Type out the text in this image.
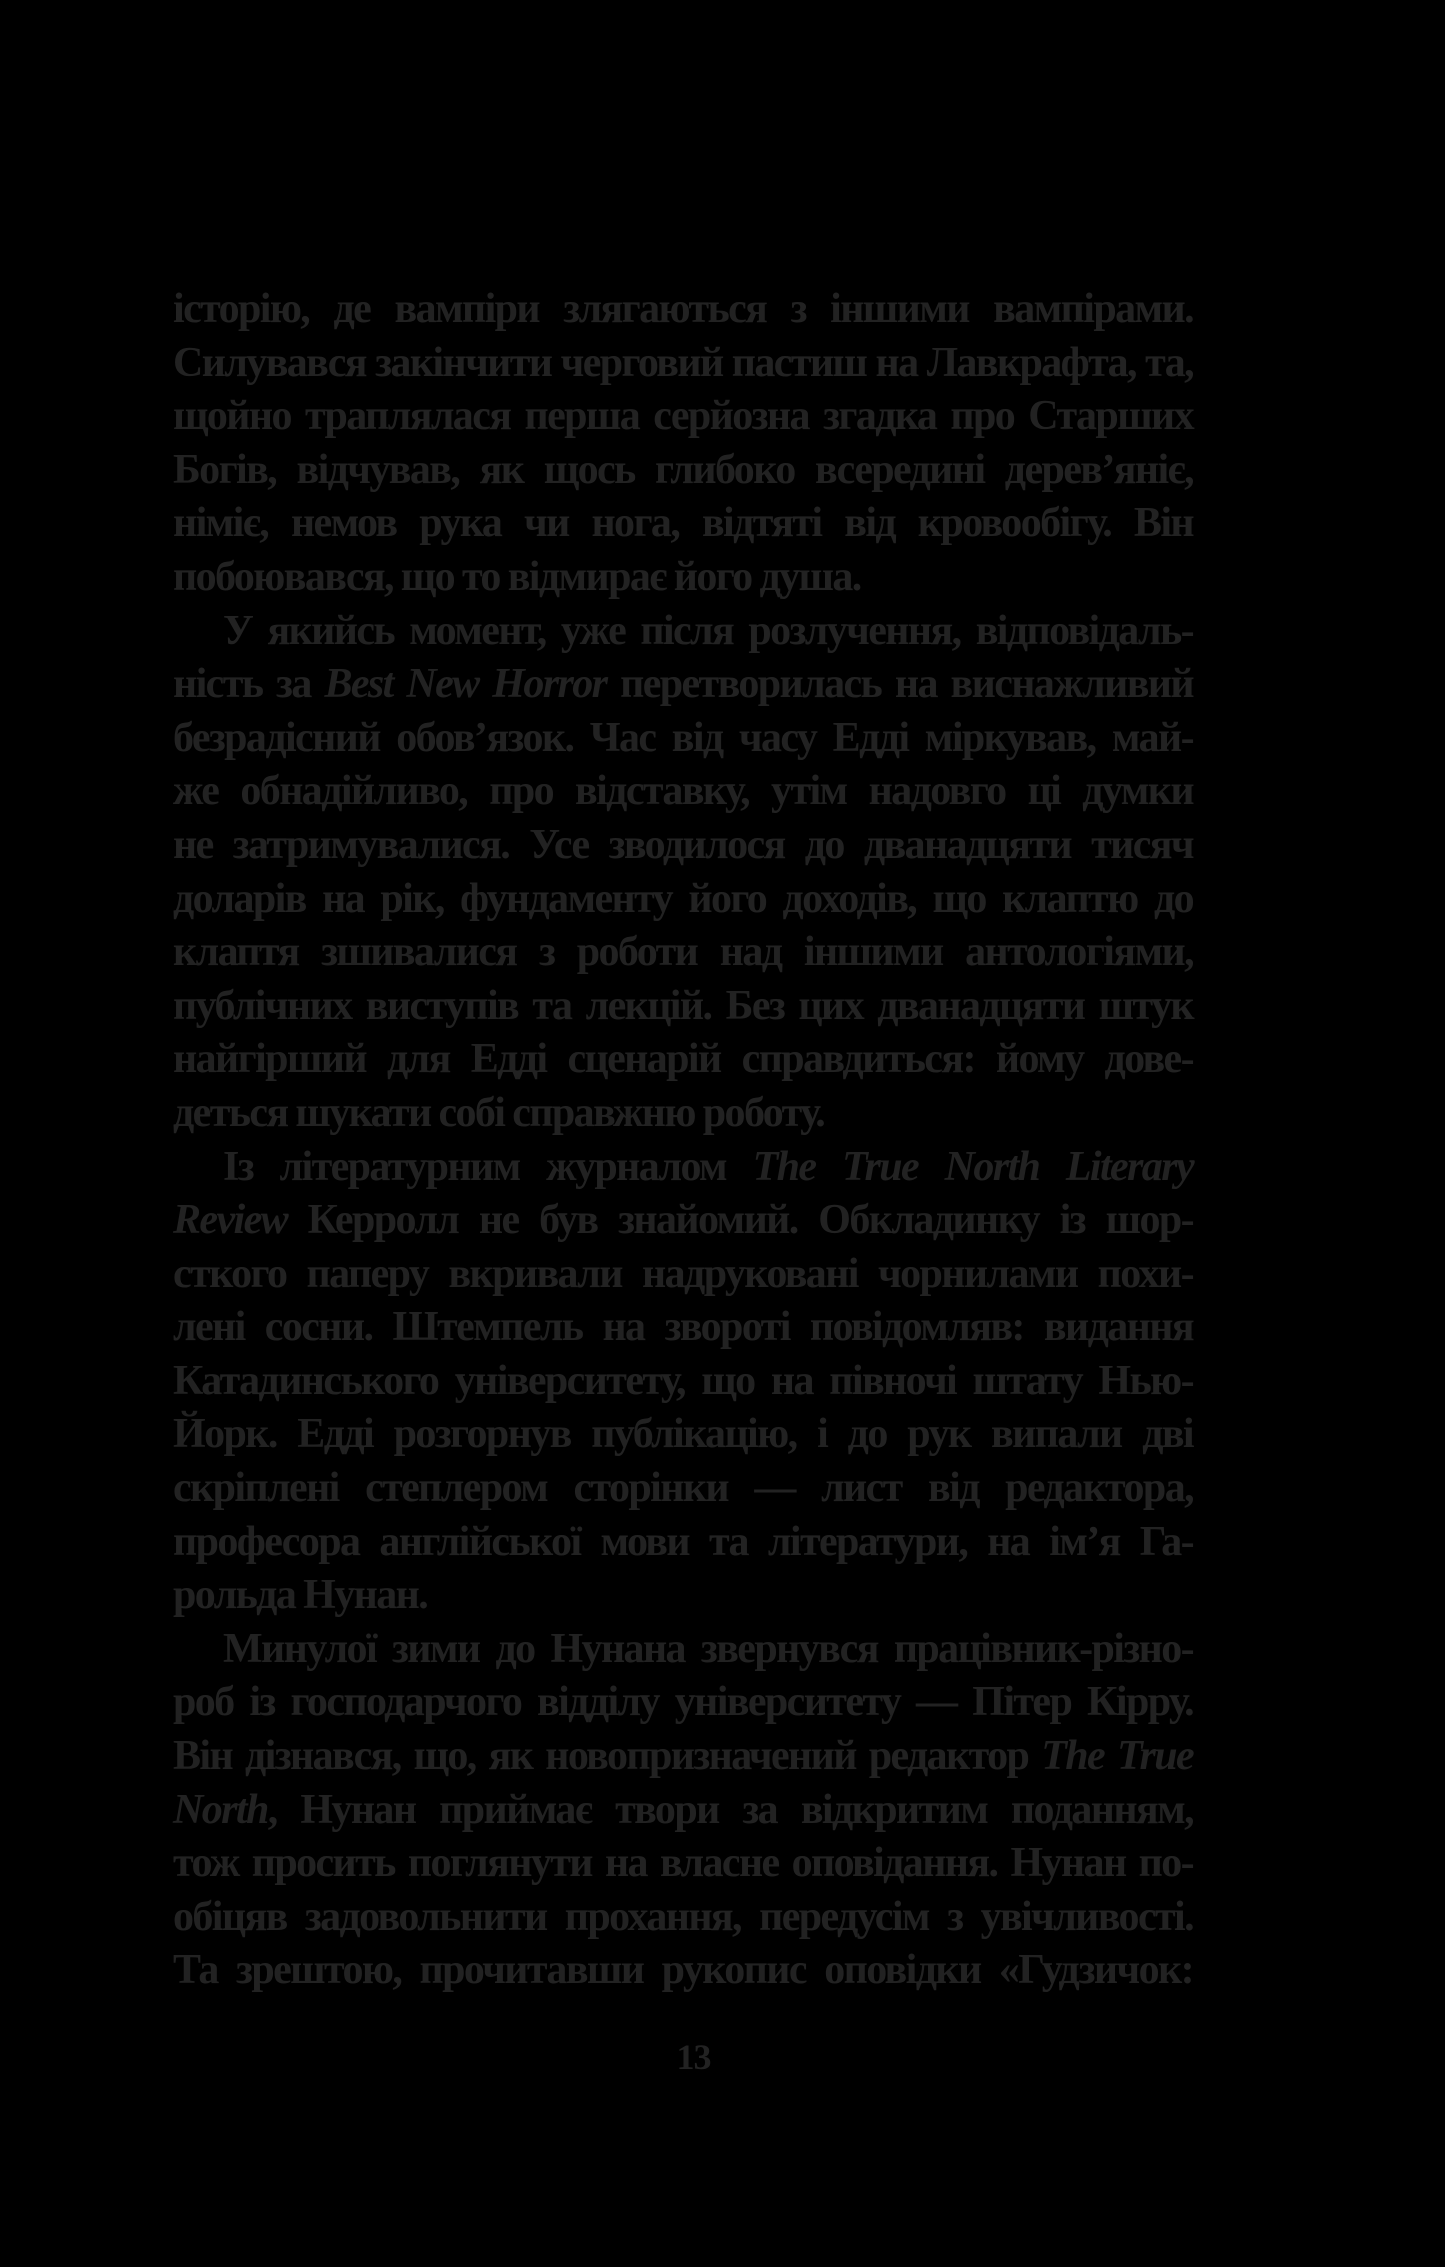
історію, де вампіри злягаються з іншими вампірами.
Силувався закінчити черговий пастиш на Лавкрафта, та,
щойно траплялася перша серйозна згадка про Старших
Богів, відчував, як щось глибоко всередині дерев’яніє,
німіє, немов рука чи нога, відтяті від кровообігу. Він
побоювався, що то відмирає його душа.
У якийсь момент, уже після розлучення, відповідаль-
ність за Best New Horror перетворилась на виснажливий
безрадісний обов’язок. Час від часу Едді міркував, май-
же обнадійливо, про відставку, утім надовго ці думки
не затримувалися. Усе зводилося до дванадцяти тисяч
доларів на рік, фундаменту його доходів, що клаптю до
клаптя зшивалися з роботи над іншими антологіями,
публічних виступів та лекцій. Без цих дванадцяти штук
найгірший для Едді сценарій справдиться: йому дове-
деться шукати собі справжню роботу.
Із літературним журналом The True North Literary
Review Керролл не був знайомий. Обкладинку із шор-
сткого паперу вкривали надруковані чорнилами похи-
лені сосни. Штемпель на звороті повідомляв: видання
Катадинського університету, що на півночі штату Нью-
Йорк. Едді розгорнув публікацію, і до рук випали дві
скріплені степлером сторінки — лист від редактора,
професора англійської мови та літератури, на ім’я Га-
рольда Нунан.
Минулої зими до Нунана звернувся працівник-різно-
роб із господарчого відділу університету — Пітер Кірру.
Він дізнався, що, як новопризначений редактор The True
North, Нунан приймає твори за відкритим поданням,
тож просить поглянути на власне оповідання. Нунан по-
обіцяв задовольнити прохання, передусім з увічливості.
Та зрештою, прочитавши рукопис оповідки «Гудзичок:
13
